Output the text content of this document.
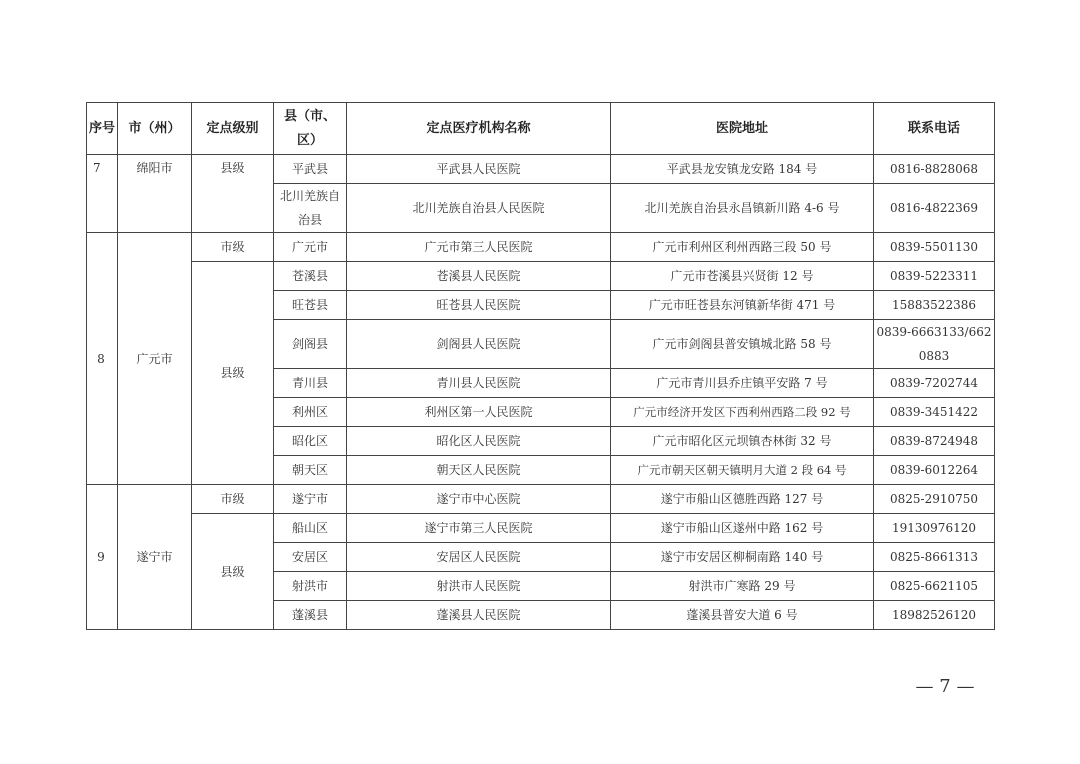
序号	市（州）	定点级别	县（市、区）	定点医疗机构名称	医院地址	联系电话
7	绵阳市	县级	平武县	平武县人民医院	平武县龙安镇龙安路 184 号	0816-8828068
			北川羌族自治县	北川羌族自治县人民医院	北川羌族自治县永昌镇新川路 4-6 号	0816-4822369
8	广元市	市级	广元市	广元市第三人民医院	广元市利州区利州西路三段 50 号	0839-5501130
		县级	苍溪县	苍溪县人民医院	广元市苍溪县兴贤街 12 号	0839-5223311
			旺苍县	旺苍县人民医院	广元市旺苍县东河镇新华街 471 号	15883522386
			剑阁县	剑阁县人民医院	广元市剑阁县普安镇城北路 58 号	0839-6663133/6620883
			青川县	青川县人民医院	广元市青川县乔庄镇平安路 7 号	0839-7202744
			利州区	利州区第一人民医院	广元市经济开发区下西利州西路二段 92 号	0839-3451422
			昭化区	昭化区人民医院	广元市昭化区元坝镇杏林街 32 号	0839-8724948
			朝天区	朝天区人民医院	广元市朝天区朝天镇明月大道 2 段 64 号	0839-6012264
9	遂宁市	市级	遂宁市	遂宁市中心医院	遂宁市船山区德胜西路 127 号	0825-2910750
		县级	船山区	遂宁市第三人民医院	遂宁市船山区遂州中路 162 号	19130976120
			安居区	安居区人民医院	遂宁市安居区柳桐南路 140 号	0825-8661313
			射洪市	射洪市人民医院	射洪市广寒路 29 号	0825-6621105
			蓬溪县	蓬溪县人民医院	蓬溪县普安大道 6 号	18982526120
— 7 —
